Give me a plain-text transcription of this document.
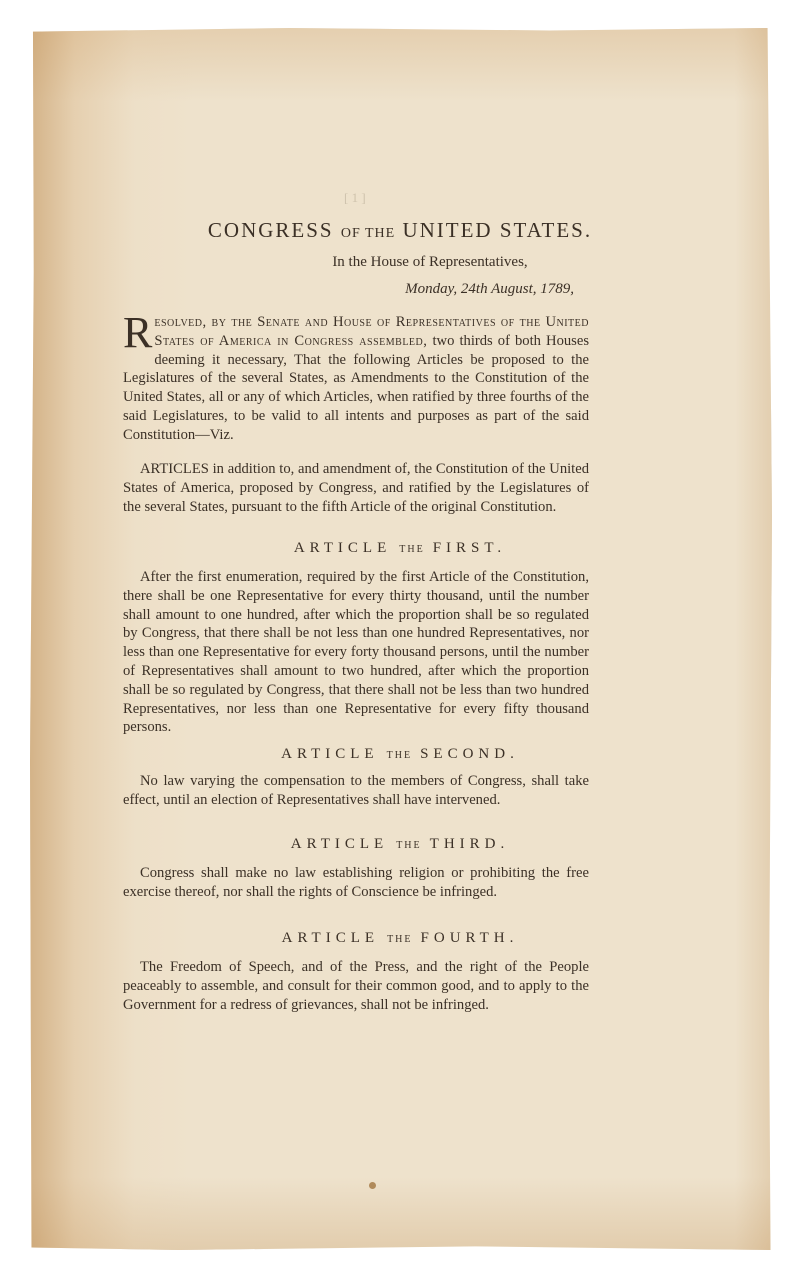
[ 1 ]
CONGRESS OF THE UNITED STATES.
In the House of Representatives,
Monday, 24th August, 1789,
Resolved, by the Senate and House of Representatives of the United States of America in Congress assembled, two thirds of both Houses deeming it necessary, That the following Articles be proposed to the Legislatures of the several States, as Amendments to the Constitution of the United States, all or any of which Articles, when ratified by three fourths of the said Legislatures, to be valid to all intents and purposes as part of the said Constitution—Viz.
ARTICLES in addition to, and amendment of, the Constitution of the United States of America, proposed by Congress, and ratified by the Legislatures of the several States, pursuant to the fifth Article of the original Constitution.
ARTICLE THE FIRST.
After the first enumeration, required by the first Article of the Constitution, there shall be one Representative for every thirty thousand, until the number shall amount to one hundred, after which the proportion shall be so regulated by Congress, that there shall be not less than one hundred Representatives, nor less than one Representative for every forty thousand persons, until the number of Representatives shall amount to two hundred, after which the proportion shall be so regulated by Congress, that there shall not be less than two hundred Representatives, nor less than one Representative for every fifty thousand persons.
ARTICLE THE SECOND.
No law varying the compensation to the members of Congress, shall take effect, until an election of Representatives shall have intervened.
ARTICLE THE THIRD.
Congress shall make no law establishing religion or prohibiting the free exercise thereof, nor shall the rights of Conscience be infringed.
ARTICLE THE FOURTH.
The Freedom of Speech, and of the Press, and the right of the People peaceably to assemble, and consult for their common good, and to apply to the Government for a redress of grievances, shall not be infringed.
